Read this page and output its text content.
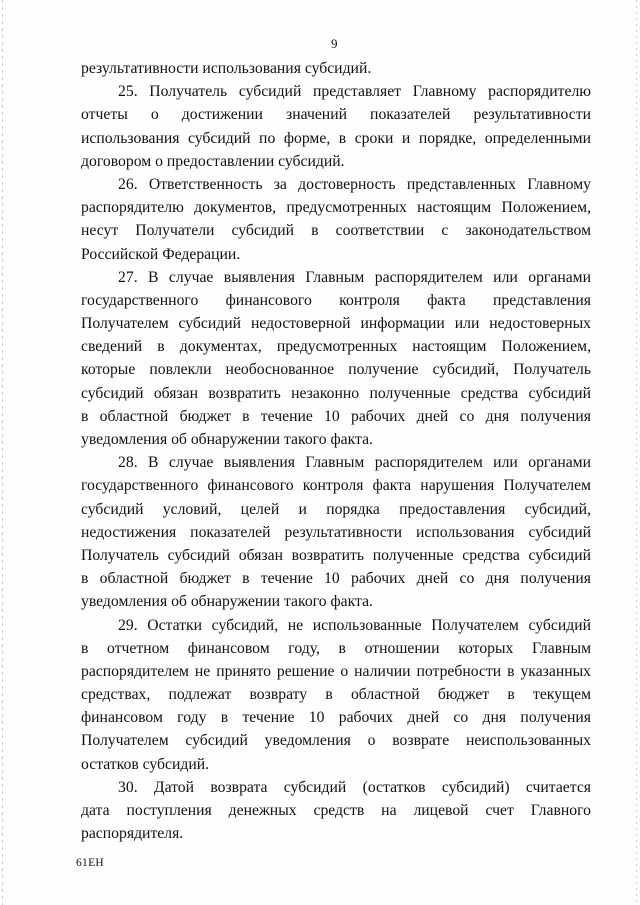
9
результативности использования субсидий.
25. Получатель субсидий представляет Главному распорядителю
отчеты о достижении значений показателей результативности
использования субсидий по форме, в сроки и порядке, определенными
договором о предоставлении субсидий.
26. Ответственность за достоверность представленных Главному
распорядителю документов, предусмотренных настоящим Положением,
несут Получатели субсидий в соответствии с законодательством
Российской Федерации.
27. В случае выявления Главным распорядителем или органами
государственного финансового контроля факта представления
Получателем субсидий недостоверной информации или недостоверных
сведений в документах, предусмотренных настоящим Положением,
которые повлекли необоснованное получение субсидий, Получатель
субсидий обязан возвратить незаконно полученные средства субсидий
в областной бюджет в течение 10 рабочих дней со дня получения
уведомления об обнаружении такого факта.
28. В случае выявления Главным распорядителем или органами
государственного финансового контроля факта нарушения Получателем
субсидий условий, целей и порядка предоставления субсидий,
недостижения показателей результативности использования субсидий
Получатель субсидий обязан возвратить полученные средства субсидий
в областной бюджет в течение 10 рабочих дней со дня получения
уведомления об обнаружении такого факта.
29. Остатки субсидий, не использованные Получателем субсидий
в отчетном финансовом году, в отношении которых Главным
распорядителем не принято решение о наличии потребности в указанных
средствах, подлежат возврату в областной бюджет в текущем
финансовом году в течение 10 рабочих дней со дня получения
Получателем субсидий уведомления о возврате неиспользованных
остатков субсидий.
30. Датой возврата субсидий (остатков субсидий) считается
дата поступления денежных средств на лицевой счет Главного
распорядителя.
61EH
